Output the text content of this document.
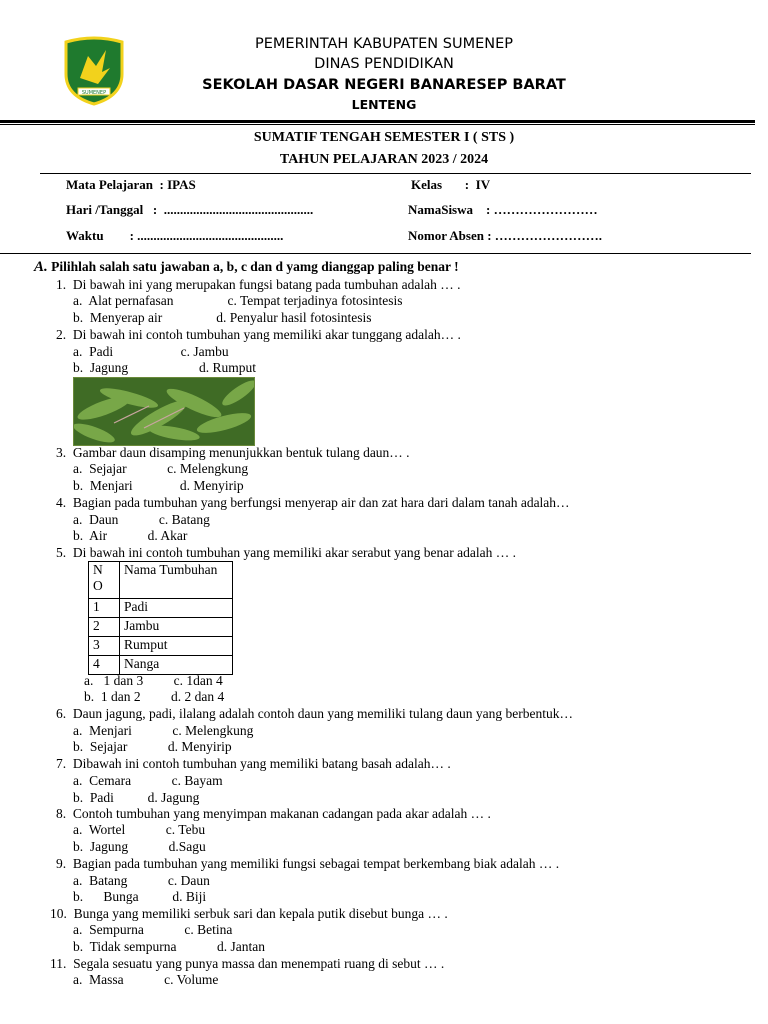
SUMENEP
PEMERINTAH KABUPATEN SUMENEP
DINAS PENDIDIKAN
SEKOLAH DASAR NEGERI BANARESEP BARAT
LENTENG
SUMATIF TENGAH SEMESTER I ( STS )
TAHUN PELAJARAN 2023 / 2024
Mata Pelajaran  : IPAS	Kelas       :  IV
Hari /Tanggal   :  ..............................................	NamaSiswa    : ……………………
Waktu        : .............................................	Nomor Absen : …………………….
A. Pilihlah salah satu jawaban a, b, c dan d yamg dianggap paling benar !
1.  Di bawah ini yang merupakan fungsi batang pada tumbuhan adalah … .
a.  Alat pernafasan                c. Tempat terjadinya fotosintesis
b.  Menyerap air                d. Penyalur hasil fotosintesis
2.  Di bawah ini contoh tumbuhan yang memiliki akar tunggang adalah… .
a.  Padi                    c. Jambu
b.  Jagung                     d. Rumput
3.  Gambar daun disamping menunjukkan bentuk tulang daun… .
a.  Sejajar            c. Melengkung
b.  Menjari              d. Menyirip
4.  Bagian pada tumbuhan yang berfungsi menyerap air dan zat hara dari dalam tanah adalah…
a.  Daun            c. Batang
b.  Air            d. Akar
5.  Di bawah ini contoh tumbuhan yang memiliki akar serabut yang benar adalah … .
N
O	Nama Tumbuhan
1	Padi
2	Jambu
3	Rumput
4	Nanga
a.   1 dan 3         c. 1dan 4
b.  1 dan 2         d. 2 dan 4
6.  Daun jagung, padi, ilalang adalah contoh daun yang memiliki tulang daun yang berbentuk…
a.  Menjari            c. Melengkung
b.  Sejajar            d. Menyirip
7.  Dibawah ini contoh tumbuhan yang memiliki batang basah adalah… .
a.  Cemara            c. Bayam
b.  Padi          d. Jagung
8.  Contoh tumbuhan yang menyimpan makanan cadangan pada akar adalah … .
a.  Wortel            c. Tebu
b.  Jagung            d.Sagu
9.  Bagian pada tumbuhan yang memiliki fungsi sebagai tempat berkembang biak adalah … .
a.  Batang            c. Daun
b.      Bunga          d. Biji
10.  Bunga yang memiliki serbuk sari dan kepala putik disebut bunga … .
a.  Sempurna            c. Betina
b.  Tidak sempurna            d. Jantan
11.  Segala sesuatu yang punya massa dan menempati ruang di sebut … .
a.  Massa            c. Volume
